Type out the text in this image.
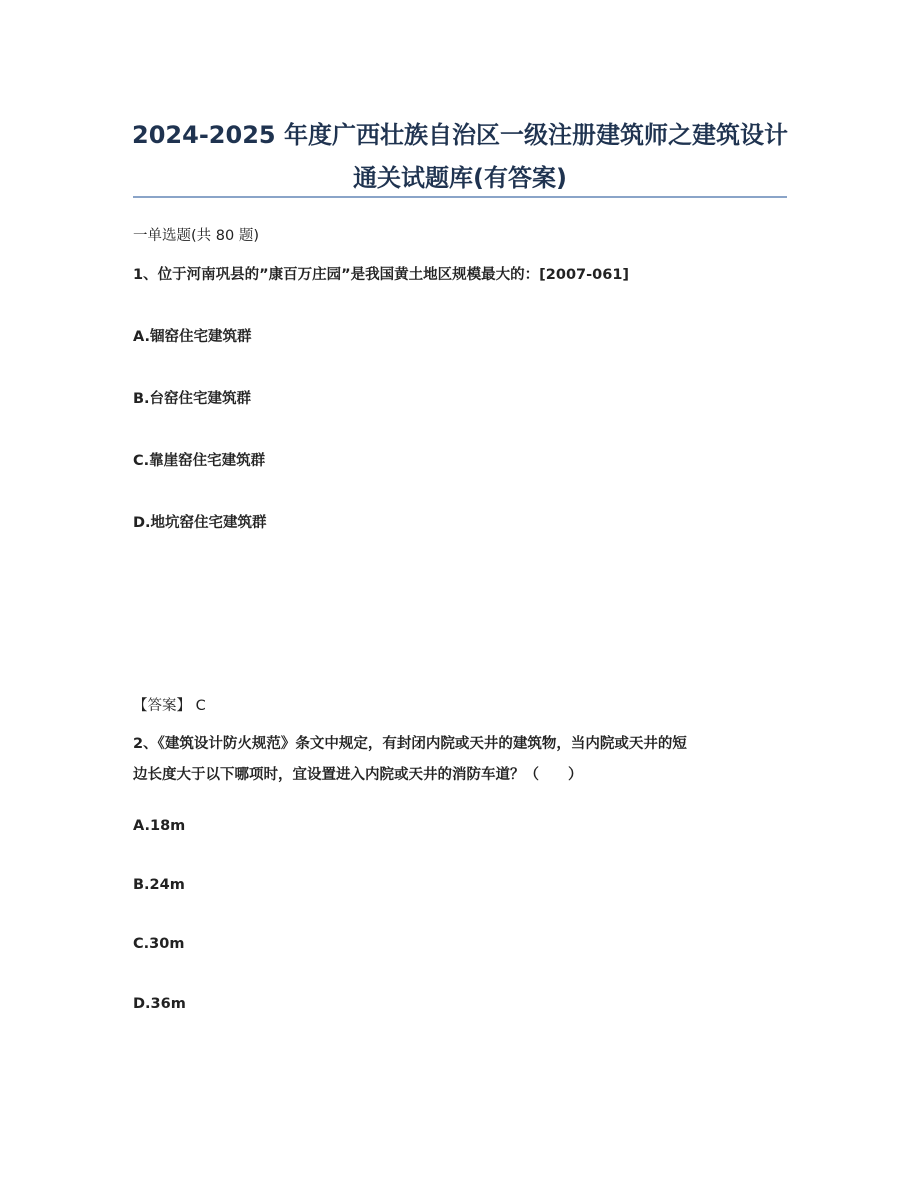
2024-2025 年度广西壮族自治区一级注册建筑师之建筑设计
通关试题库(有答案)
一单选题(共 80 题)
1、位于河南巩县的”康百万庄园”是我国黄土地区规模最大的：[2007-061]
A.锢窑住宅建筑群
B.台窑住宅建筑群
C.靠崖窑住宅建筑群
D.地坑窑住宅建筑群
【答案】 C
2、《建筑设计防火规范》条文中规定，有封闭内院或天井的建筑物，当内院或天井的短
边长度大于以下哪项时，宜设置进入内院或天井的消防车道？（　　）
A.18m
B.24m
C.30m
D.36m
